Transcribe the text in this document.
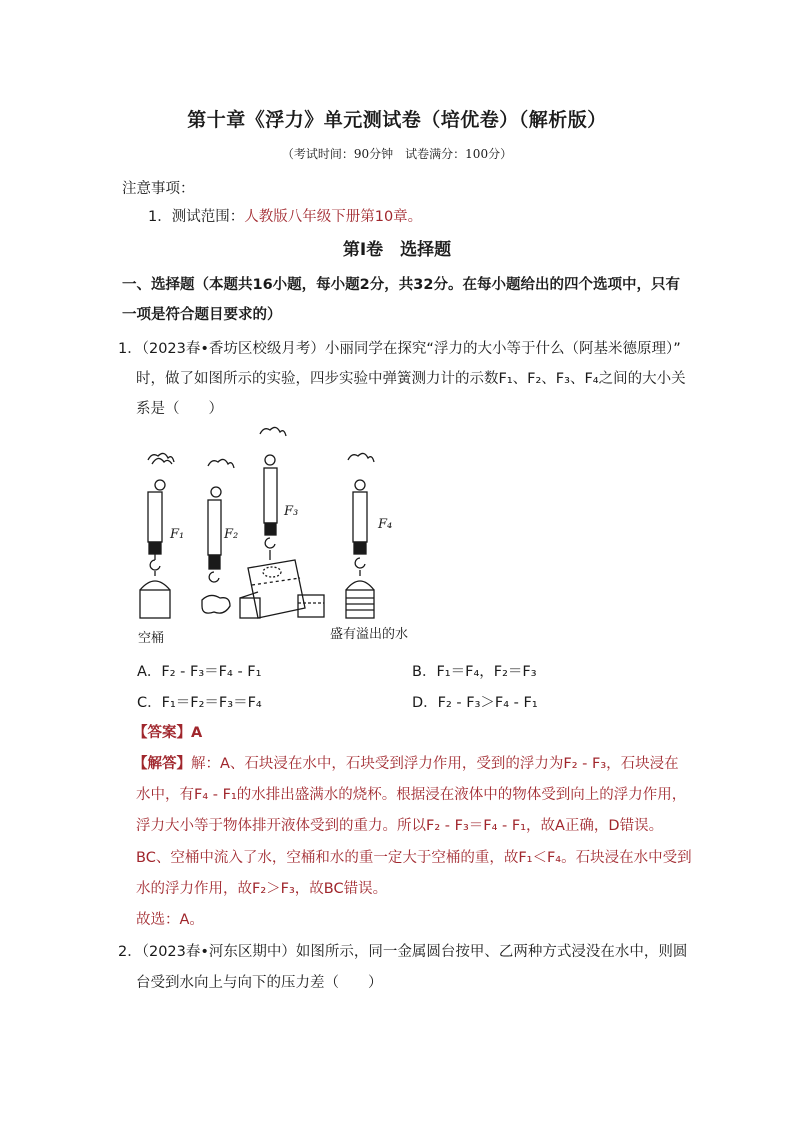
第十章《浮力》单元测试卷（培优卷）（解析版）
（考试时间：90分钟　试卷满分：100分）
注意事项：
1．测试范围：人教版八年级下册第10章。
第Ⅰ卷　选择题
一、选择题（本题共16小题，每小题2分，共32分。在每小题给出的四个选项中，只有
一项是符合题目要求的）
1．（2023春•香坊区校级月考）小丽同学在探究“浮力的大小等于什么（阿基米德原理）”
时，做了如图所示的实验，四步实验中弹簧测力计的示数F₁、F₂、F₃、F₄之间的大小关
系是（　　）
F₁	F₂
F₃
F₄
空桶	盛有溢出的水
A．F₂ - F₃＝F₄ - F₁	B．F₁＝F₄，F₂＝F₃
C．F₁＝F₂＝F₃＝F₄	D．F₂ - F₃＞F₄ - F₁
【答案】A
【解答】解：A、石块浸在水中，石块受到浮力作用，受到的浮力为F₂ - F₃，石块浸在
水中，有F₄ - F₁的水排出盛满水的烧杯。根据浸在液体中的物体受到向上的浮力作用，
浮力大小等于物体排开液体受到的重力。所以F₂ - F₃＝F₄ - F₁，故A正确，D错误。
BC、空桶中流入了水，空桶和水的重一定大于空桶的重，故F₁＜F₄。石块浸在水中受到
水的浮力作用，故F₂＞F₃，故BC错误。
故选：A。
2．（2023春•河东区期中）如图所示，同一金属圆台按甲、乙两种方式浸没在水中，则圆
台受到水向上与向下的压力差（　　）
